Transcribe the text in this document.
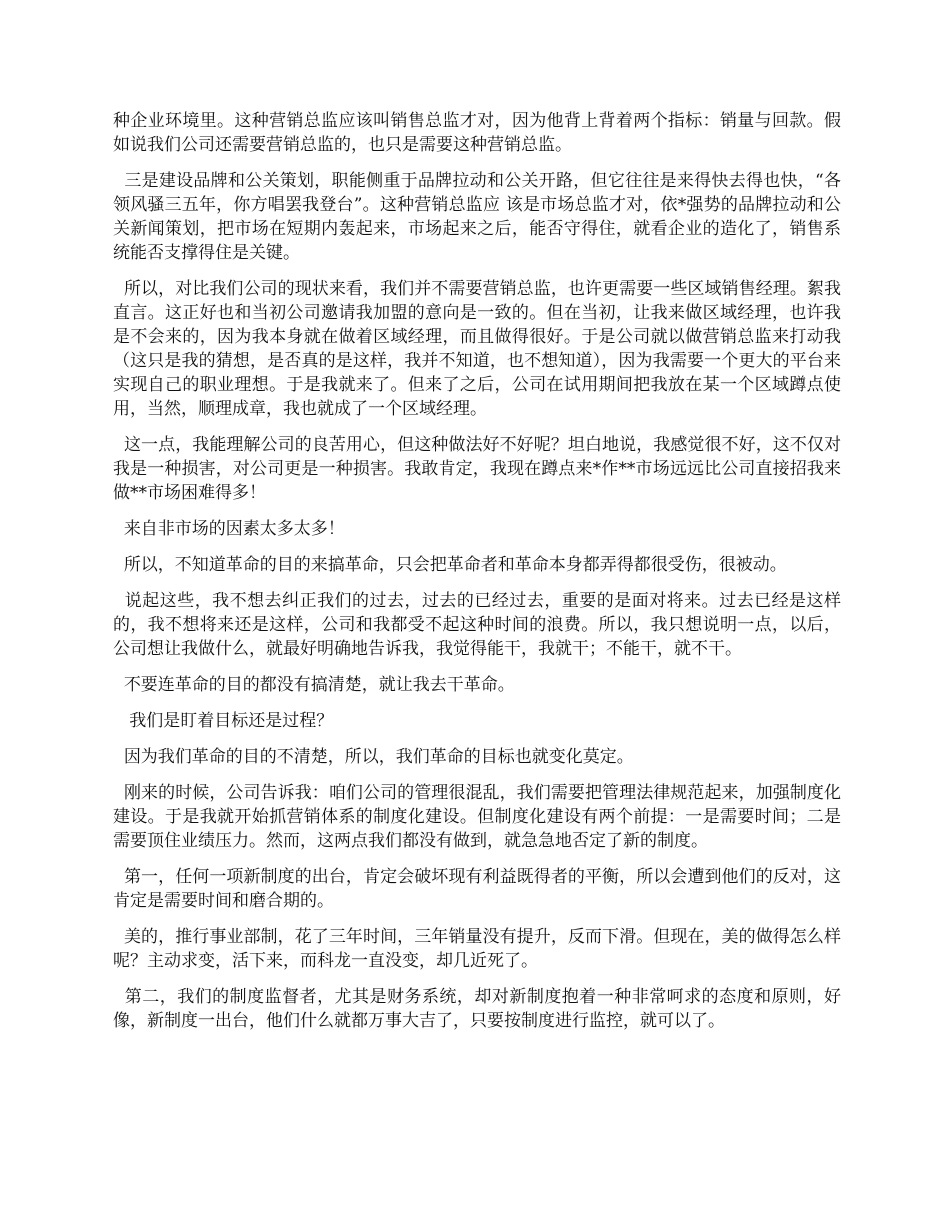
种企业环境里。这种营销总监应该叫销售总监才对，因为他背上背着两个指标：销量与回款。假如说我们公司还需要营销总监的，也只是需要这种营销总监。

三是建设品牌和公关策划，职能侧重于品牌拉动和公关开路，但它往往是来得快去得也快，“各领风骚三五年，你方唱罢我登台”。这种营销总监应 该是市场总监才对，依*强势的品牌拉动和公关新闻策划，把市场在短期内轰起来，市场起来之后，能否守得住，就看企业的造化了，销售系统能否支撑得住是关键。

所以，对比我们公司的现状来看，我们并不需要营销总监，也许更需要一些区域销售经理。絮我直言。这正好也和当初公司邀请我加盟的意向是一致的。但在当初，让我来做区域经理，也许我是不会来的，因为我本身就在做着区域经理，而且做得很好。于是公司就以做营销总监来打动我（这只是我的猜想，是否真的是这样，我并不知道，也不想知道），因为我需要一个更大的平台来实现自己的职业理想。于是我就来了。但来了之后，公司在试用期间把我放在某一个区域蹲点使用，当然，顺理成章，我也就成了一个区域经理。

这一点，我能理解公司的良苦用心，但这种做法好不好呢？坦白地说，我感觉很不好，这不仅对我是一种损害，对公司更是一种损害。我敢肯定，我现在蹲点来*作**市场远远比公司直接招我来做**市场困难得多！

来自非市场的因素太多太多！

所以，不知道革命的目的来搞革命，只会把革命者和革命本身都弄得都很受伤，很被动。

说起这些，我不想去纠正我们的过去，过去的已经过去，重要的是面对将来。过去已经是这样的，我不想将来还是这样，公司和我都受不起这种时间的浪费。所以，我只想说明一点，以后，公司想让我做什么，就最好明确地告诉我，我觉得能干，我就干；不能干，就不干。

不要连革命的目的都没有搞清楚，就让我去干革命。

我们是盯着目标还是过程？

因为我们革命的目的不清楚，所以，我们革命的目标也就变化莫定。

刚来的时候，公司告诉我：咱们公司的管理很混乱，我们需要把管理法律规范起来，加强制度化建设。于是我就开始抓营销体系的制度化建设。但制度化建设有两个前提：一是需要时间；二是需要顶住业绩压力。然而，这两点我们都没有做到，就急急地否定了新的制度。

第一，任何一项新制度的出台，肯定会破坏现有利益既得者的平衡，所以会遭到他们的反对，这肯定是需要时间和磨合期的。

美的，推行事业部制，花了三年时间，三年销量没有提升，反而下滑。但现在，美的做得怎么样呢？主动求变，活下来，而科龙一直没变，却几近死了。

第二，我们的制度监督者，尤其是财务系统，却对新制度抱着一种非常呵求的态度和原则，好像，新制度一出台，他们什么就都万事大吉了，只要按制度进行监控，就可以了。
